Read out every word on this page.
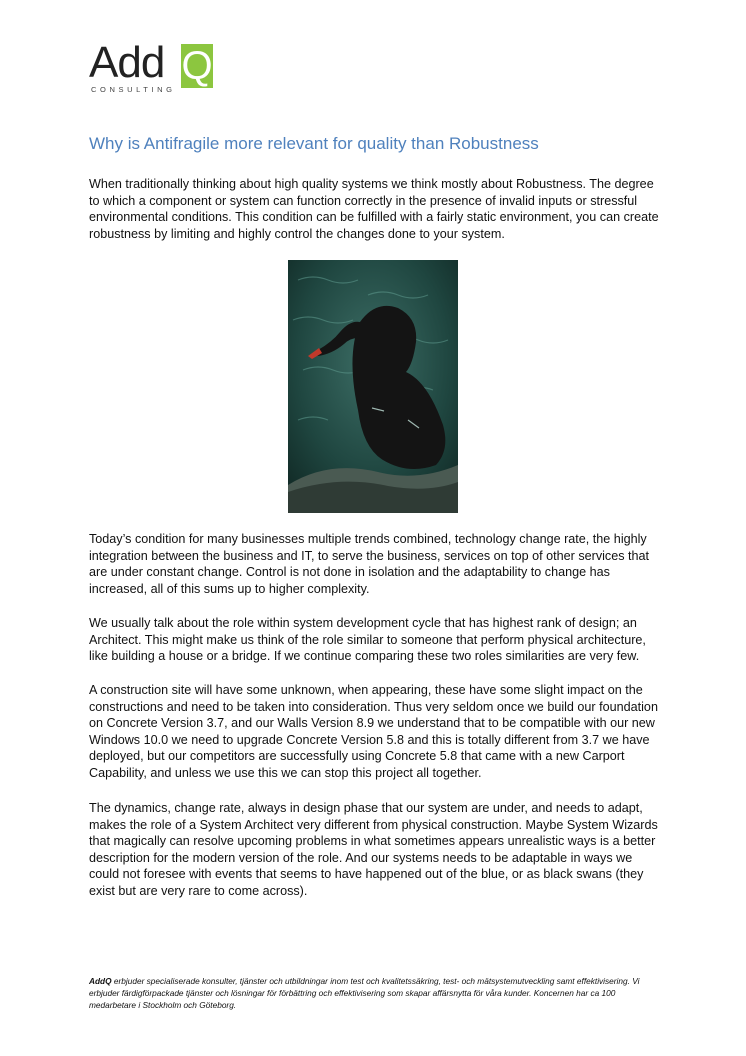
Add Q
CONSULTING
Why is Antifragile more relevant for quality than Robustness

When traditionally thinking about high quality systems we think mostly about Robustness. The degree to which a component or system can function correctly in the presence of invalid inputs or stressful environmental conditions. This condition can be fulfilled with a fairly static environment, you can create robustness by limiting and highly control the changes done to your system.

Today’s condition for many businesses multiple trends combined, technology change rate, the highly integration between the business and IT, to serve the business, services on top of other services that are under constant change. Control is not done in isolation and the adaptability to change has increased, all of this sums up to higher complexity.

We usually talk about the role within system development cycle that has highest rank of design; an Architect. This might make us think of the role similar to someone that perform physical architecture, like building a house or a bridge. If we continue comparing these two roles similarities are very few.

A construction site will have some unknown, when appearing, these have some slight impact on the constructions and need to be taken into consideration. Thus very seldom once we build our foundation on Concrete Version 3.7, and our Walls Version 8.9 we understand that to be compatible with our new Windows 10.0 we need to upgrade Concrete Version 5.8 and this is totally different from 3.7 we have deployed, but our competitors are successfully using Concrete 5.8 that came with a new Carport Capability, and unless we use this we can stop this project all together.

The dynamics, change rate, always in design phase that our system are under, and needs to adapt, makes the role of a System Architect very different from physical construction. Maybe System Wizards that magically can resolve upcoming problems in what sometimes appears unrealistic ways is a better description for the modern version of the role. And our systems needs to be adaptable in ways we could not foresee with events that seems to have happened out of the blue, or as black swans (they exist but are very rare to come across).

AddQ erbjuder specialiserade konsulter, tjänster och utbildningar inom test och kvalitetssäkring, test- och mätsystemutveckling samt effektivisering. Vi erbjuder färdigförpackade tjänster och lösningar för förbättring och effektivisering som skapar affärsnytta för våra kunder. Koncernen har ca 100 medarbetare i Stockholm och Göteborg.
